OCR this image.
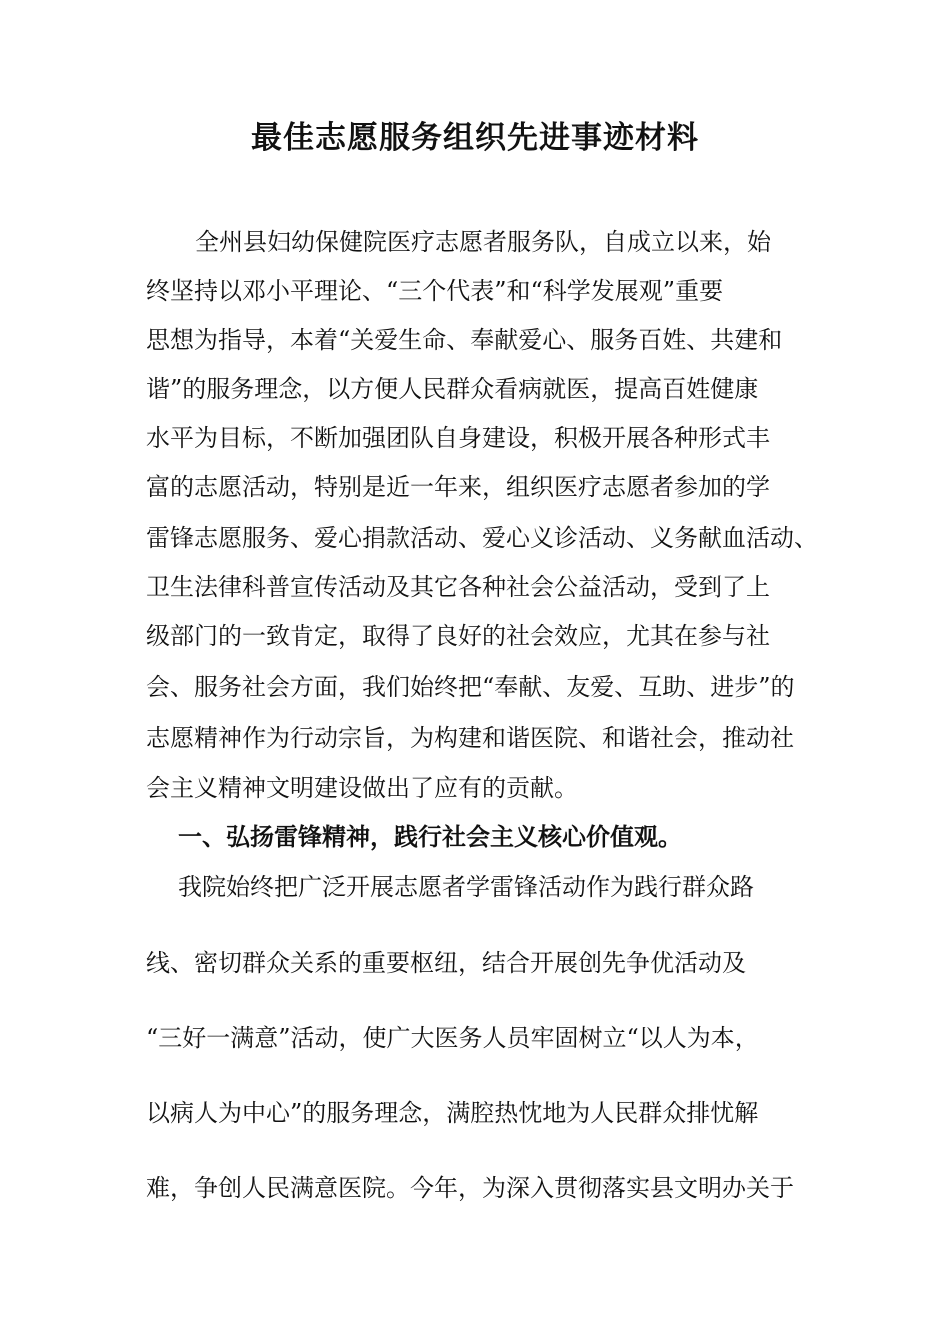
最佳志愿服务组织先进事迹材料

全州县妇幼保健院医疗志愿者服务队，自成立以来，始

终坚持以邓小平理论、“三个代表”和“科学发展观”重要

思想为指导，本着“关爱生命、奉献爱心、服务百姓、共建和

谐”的服务理念，以方便人民群众看病就医，提高百姓健康

水平为目标，不断加强团队自身建设，积极开展各种形式丰

富的志愿活动，特别是近一年来，组织医疗志愿者参加的学

雷锋志愿服务、爱心捐款活动、爱心义诊活动、义务献血活动、

卫生法律科普宣传活动及其它各种社会公益活动，受到了上

级部门的一致肯定，取得了良好的社会效应，尤其在参与社

会、服务社会方面，我们始终把“奉献、友爱、互助、进步”的

志愿精神作为行动宗旨，为构建和谐医院、和谐社会，推动社

会主义精神文明建设做出了应有的贡献。

一、弘扬雷锋精神，践行社会主义核心价值观。

我院始终把广泛开展志愿者学雷锋活动作为践行群众路

线、密切群众关系的重要枢纽，结合开展创先争优活动及

“三好一满意”活动，使广大医务人员牢固树立“以人为本，

以病人为中心”的服务理念，满腔热忱地为人民群众排忧解

难，争创人民满意医院。今年，为深入贯彻落实县文明办关于
